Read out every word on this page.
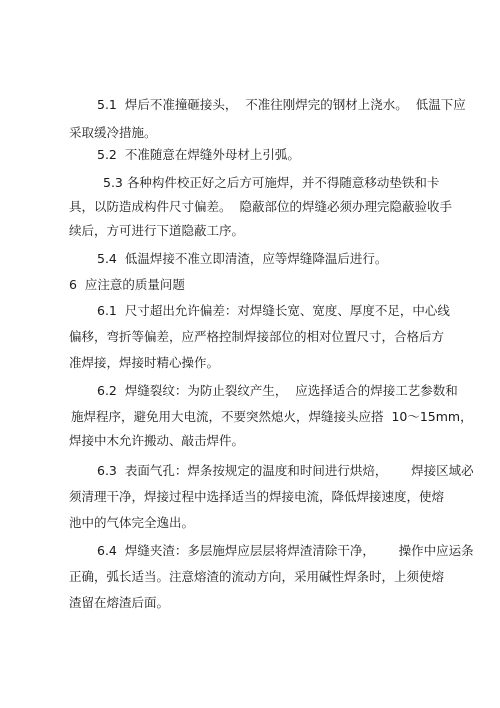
5.1  焊后不准撞砸接头，  不准往刚焊完的钢材上浇水。  低温下应
采取缓冷措施。
5.2  不准随意在焊缝外母材上引弧。
5.3 各种构件校正好之后方可施焊，并不得随意移动垫铁和卡
具，以防造成构件尺寸偏差。  隐蔽部位的焊缝必须办理完隐蔽验收手
续后，方可进行下道隐蔽工序。
5.4  低温焊接不准立即清渣，应等焊缝降温后进行。
6  应注意的质量问题
6.1  尺寸超出允许偏差：对焊缝长宽、宽度、厚度不足，中心线
偏移，弯折等偏差，应严格控制焊接部位的相对位置尺寸，合格后方
准焊接，焊接时精心操作。
6.2  焊缝裂纹：为防止裂纹产生，  应选择适合的焊接工艺参数和
施焊程序，避免用大电流，不要突然熄火，焊缝接头应搭  10～15mm，
焊接中木允许搬动、敲击焊件。
6.3  表面气孔：焊条按规定的温度和时间进行烘焙，      焊接区域必
须清理干净，焊接过程中选择适当的焊接电流，降低焊接速度，使熔
池中的气体完全逸出。
6.4  焊缝夹渣：多层施焊应层层将焊渣清除干净，      操作中应运条
正确，弧长适当。注意熔渣的流动方向，采用碱性焊条时，上须使熔
渣留在熔渣后面。
